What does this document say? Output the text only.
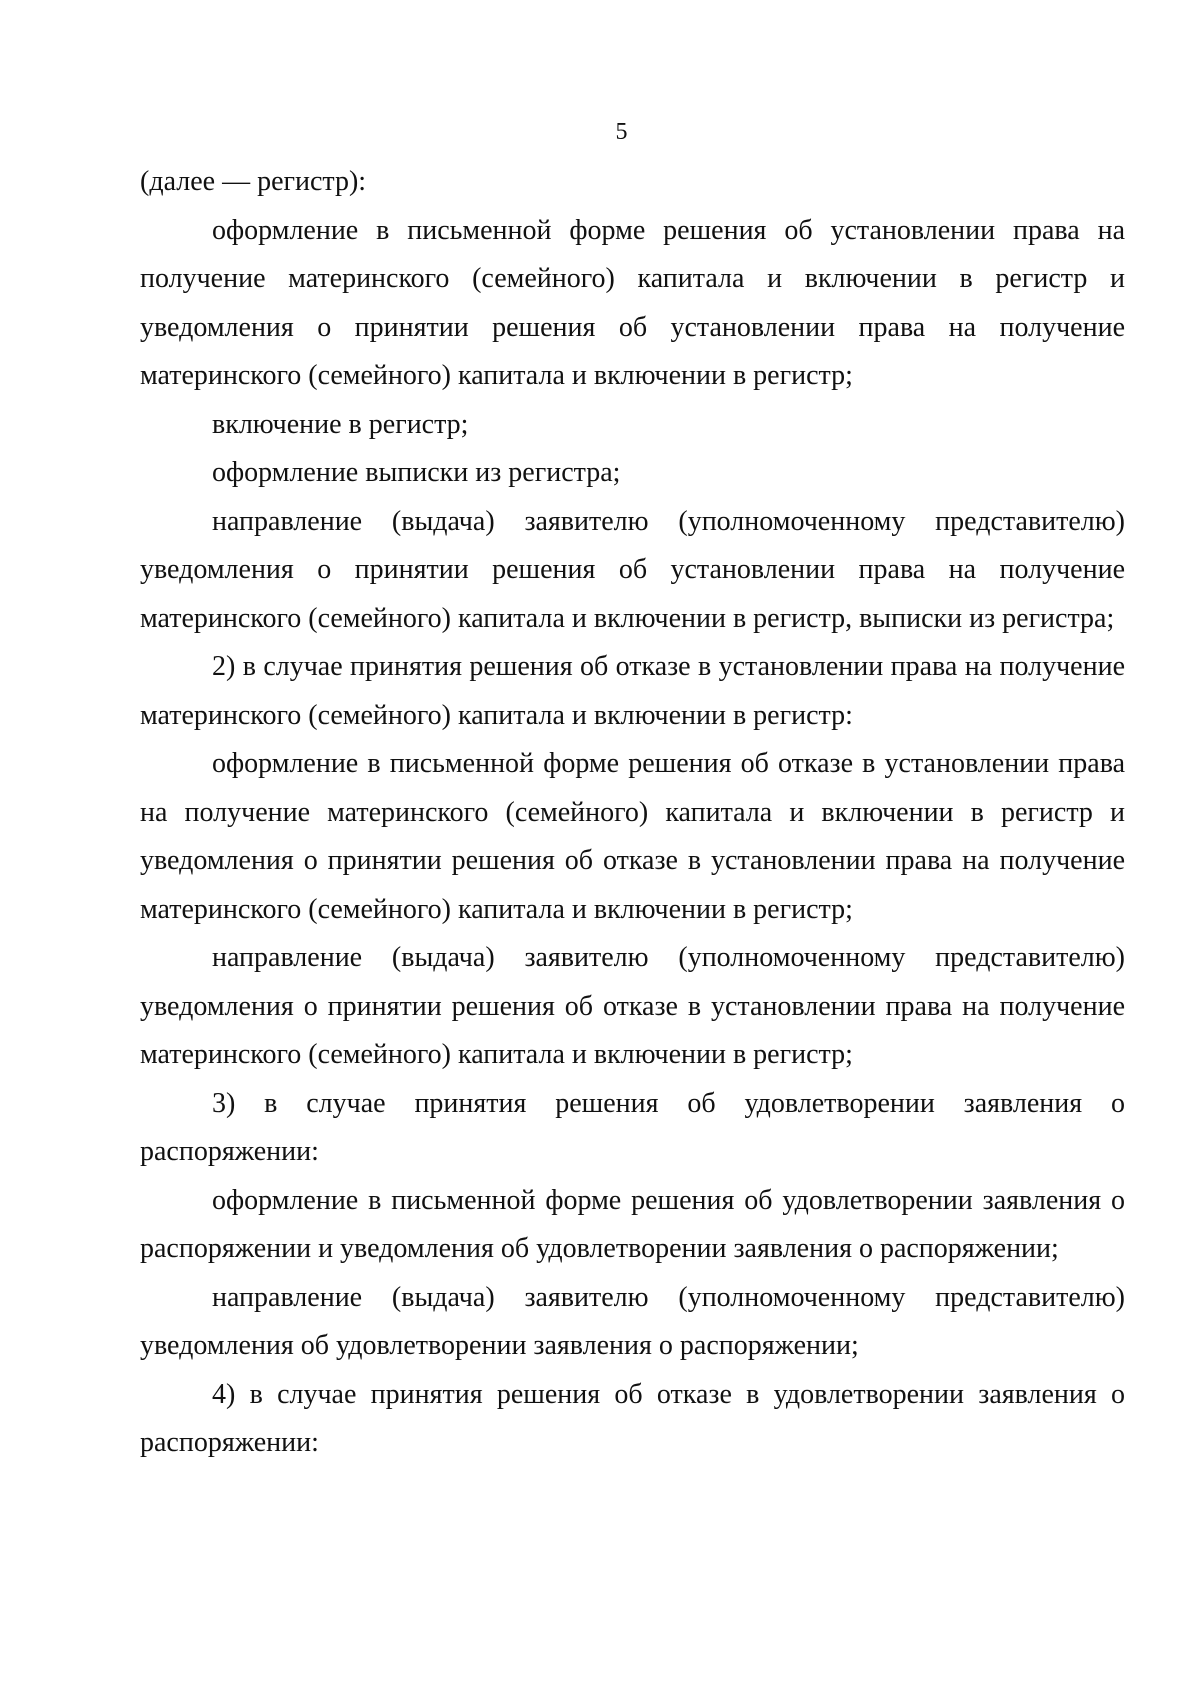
5

(далее — регистр):

оформление в письменной форме решения об установлении права на получение материнского (семейного) капитала и включении в регистр и уведомления о принятии решения об установлении права на получение материнского (семейного) капитала и включении в регистр;

включение в регистр;

оформление выписки из регистра;

направление (выдача) заявителю (уполномоченному представителю) уведомления о принятии решения об установлении права на получение материнского (семейного) капитала и включении в регистр, выписки из регистра;

2) в случае принятия решения об отказе в установлении права на получение материнского (семейного) капитала и включении в регистр:

оформление в письменной форме решения об отказе в установлении права на получение материнского (семейного) капитала и включении в регистр и уведомления о принятии решения об отказе в установлении права на получение материнского (семейного) капитала и включении в регистр;

направление (выдача) заявителю (уполномоченному представителю) уведомления о принятии решения об отказе в установлении права на получение материнского (семейного) капитала и включении в регистр;

3) в случае принятия решения об удовлетворении заявления о распоряжении:

оформление в письменной форме решения об удовлетворении заявления о распоряжении и уведомления об удовлетворении заявления о распоряжении;

направление (выдача) заявителю (уполномоченному представителю) уведомления об удовлетворении заявления о распоряжении;

4) в случае принятия решения об отказе в удовлетворении заявления о распоряжении:
